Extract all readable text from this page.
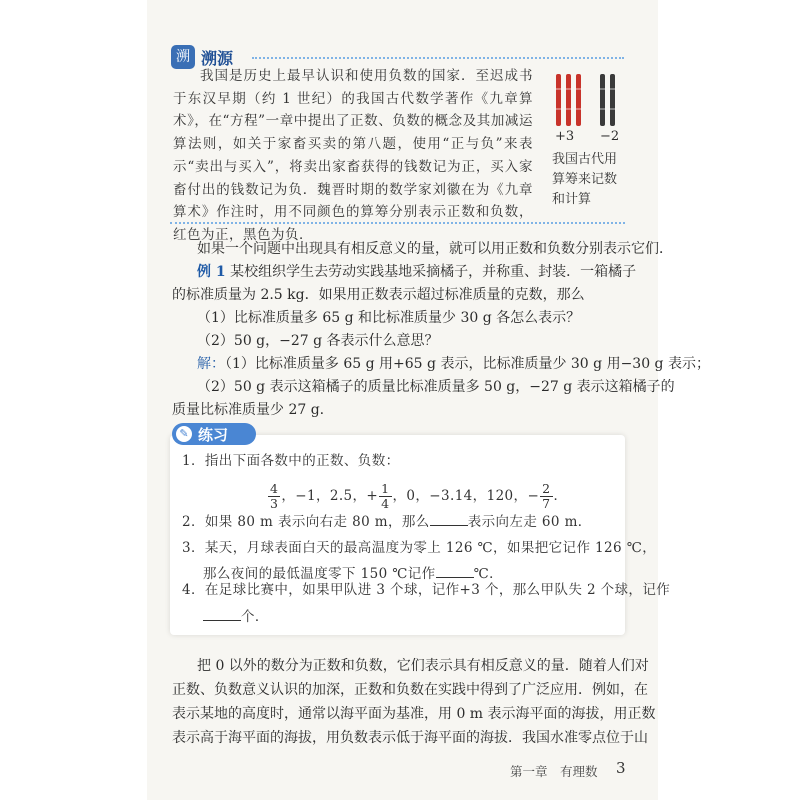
溯 溯源

我国是历史上最早认识和使用负数的国家．至迟成书于东汉早期（约 1 世纪）的我国古代数学著作《九章算术》，在“方程”一章中提出了正数、负数的概念及其加减运算法则，如关于家畜买卖的第八题，使用“正与负”来表示“卖出与买入”，将卖出家畜获得的钱数记为正，买入家畜付出的钱数记为负．魏晋时期的数学家刘徽在为《九章算术》作注时，用不同颜色的算筹分别表示正数和负数，红色为正，黑色为负．

+3 −2
我国古代用算筹来记数和计算
如果一个问题中出现具有相反意义的量，就可以用正数和负数分别表示它们．
例 1 某校组织学生去劳动实践基地采摘橘子，并称重、封装．一箱橘子
的标准质量为 2.5 kg．如果用正数表示超过标准质量的克数，那么
（1）比标准质量多 65 g 和比标准质量少 30 g 各怎么表示？
（2）50 g，−27 g 各表示什么意思？
解：（1）比标准质量多 65 g 用+65 g 表示，比标准质量少 30 g 用−30 g 表示；
（2）50 g 表示这箱橘子的质量比标准质量多 50 g，−27 g 表示这箱橘子的
质量比标准质量少 27 g.
✎ 练习
1．指出下面各数中的正数、负数：
$\frac{4}{3}$ ，−1，2.5，+ $\frac{1}{4}$ ，0，−3.14，120，− $\frac{2}{7}$ ．
2．如果 80 m 表示向右走 80 m，那么	表示向左走 60 m．
3．某天，月球表面白天的最高温度为零上 126 ℃，如果把它记作 126 ℃，
那么夜间的最低温度零下 150 ℃记作	℃．
4．在足球比赛中，如果甲队进 3 个球，记作+3 个，那么甲队失 2 个球，记作
个．
把 0 以外的数分为正数和负数，它们表示具有相反意义的量．随着人们对
正数、负数意义认识的加深，正数和负数在实践中得到了广泛应用．例如，在
表示某地的高度时，通常以海平面为基准，用 0 m 表示海平面的海拔，用正数
表示高于海平面的海拔，用负数表示低于海平面的海拔．我国水准零点位于山
第一章 有理数 3
